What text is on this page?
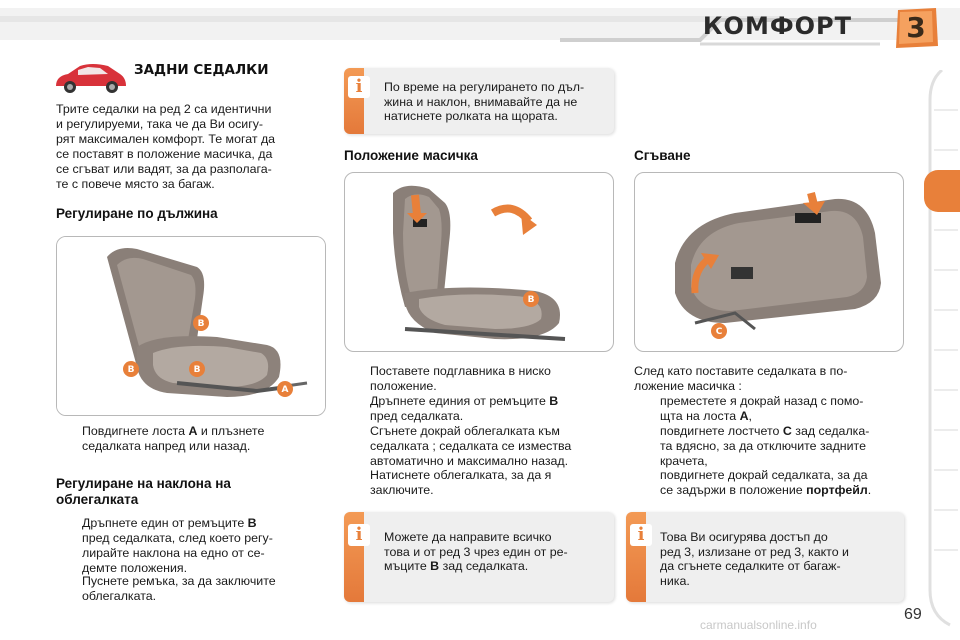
КОМФОРТ	3
ЗАДНИ СЕДАЛКИ
Трите седалки на ред 2 са идентични
и регулируеми, така че да Ви осигу-
рят максимален комфорт. Те могат да
се поставят в положение масичка, да
се сгъват или вадят, за да разполага-
те с повече място за багаж.
Регулиране по дължина
B
B	B
A
Повдигнете лоста A и плъзнете
седалката напред или назад.
Регулиране на наклона на
облегалката
Дръпнете един от ремъците B
пред седалката, след което регу-
лирайте наклона на едно от се-
демте положения.
Пуснете ремъка, за да заключите
облегалката.
i	По време на регулирането по дъл-
жина и наклон, внимавайте да не
натиснете ролката на щората.
Положение масичка
B
Поставете подглавника в ниско
положение.
Дръпнете единия от ремъците B
пред седалката.
Сгънете докрай облегалката към
седалката ; седалката се измества
автоматично и максимално назад.
Натиснете облегалката, за да я
заключите.
i	Можете да направите всичко
това и от ред 3 чрез един от ре-
мъците B зад седалката.
Сгъване
C
След като поставите седалката в по-
ложение масичка :
преместете я докрай назад с помо-
щта на лоста A,
повдигнете лостчето C зад седалка-
та вдясно, за да отключите задните
крачета,
повдигнете докрай седалката, за да
се задържи в положение портфейл.
i	Това Ви осигурява достъп до
ред 3, излизане от ред 3, както и
да сгънете седалките от багаж-
ника.
69
carmanualsonline.info
